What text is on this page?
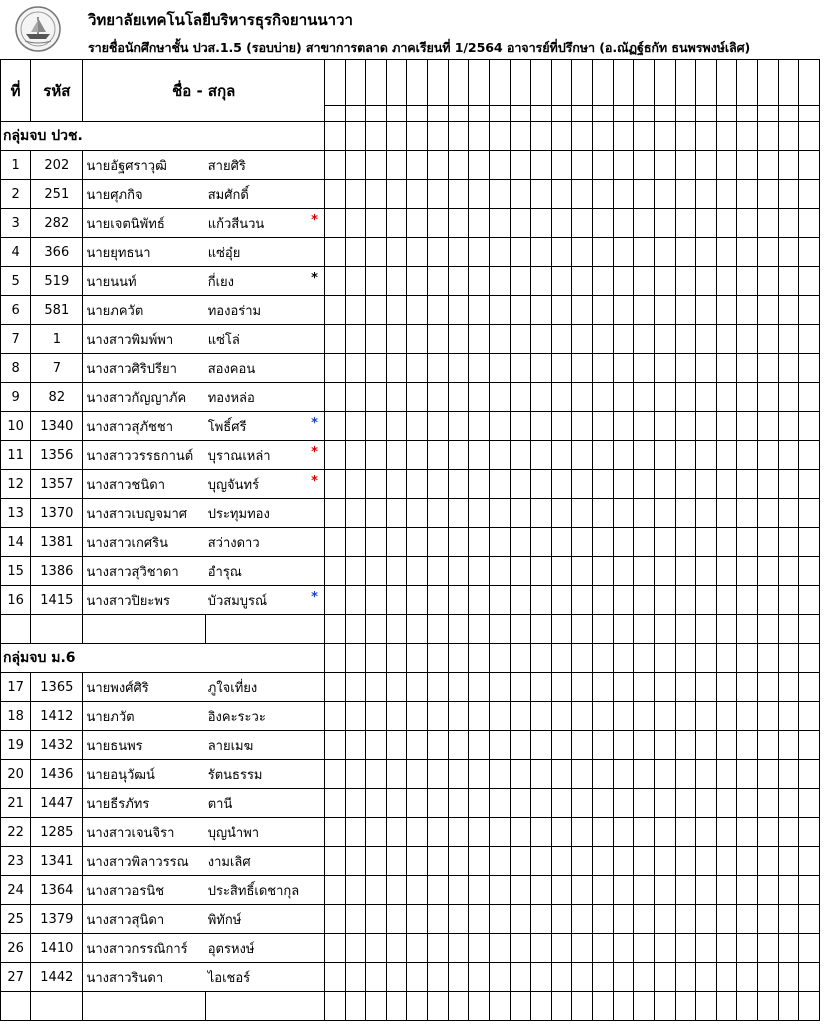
วิทยาลัยเทคโนโลยีบริหารธุรกิจยานนาวา
รายชื่อนักศึกษาชั้น ปวส.1.5 (รอบบ่าย) สาขาการตลาด ภาคเรียนที่ 1/2564 อาจารย์ที่ปรึกษา (อ.ณัฏฐ์ธกัท ธนพรพงษ์เลิศ)
ที่	รหัส	ชื่อ - สกุล		

กลุ่มจบ ปวช.																											
1	202	นายอัฐศราวุฒิ	สายศิริ																								
2	251	นายศุภกิจ	สมศักดิ์																								
3	282	นายเจตนิพัทธ์	แก้วสีนวน *																								

4	366	นายยุทธนา	แซ่อุ๋ย																								
5	519	นายนนท์	กี่เยง *																								

6	581	นายภควัต	ทองอร่าม																								
7	1	นางสาวพิมพ์พา	แซ่โล่																								
8	7	นางสาวศิริปรียา	สองคอน																								
9	82	นางสาวกัญญาภัค	ทองหล่อ																								
10	1340	นางสาวสุภัชชา	โพธิ์ศรี *																								

11	1356	นางสาววรรธกานต์	บุราณเหล่า *																								

12	1357	นางสาวชนิดา	บุญจันทร์ *																								

13	1370	นางสาวเบญจมาศ	ประทุมทอง																								
14	1381	นางสาวเกศริน	สว่างดาว																								
15	1386	นางสาวสุวิชาดา	อำรุณ																								
16	1415	นางสาวปิยะพร	บัวสมบูรณ์ *																								

กลุ่มจบ ม.6																											
17	1365	นายพงศ์ศิริ	ภูใจเที่ยง																								
18	1412	นายภวัต	อิงคะระวะ																								
19	1432	นายธนพร	ลายเมฆ																								
20	1436	นายอนุวัฒน์	รัตนธรรม																								
21	1447	นายธีรภัทร	ตานี																								
22	1285	นางสาวเจนจิรา	บุญนำพา																								
23	1341	นางสาวพิลาวรรณ	งามเลิศ																								
24	1364	นางสาวอรนิช	ประสิทธิ์เดชากุล																								
25	1379	นางสาวสุนิดา	พิทักษ์																								
26	1410	นางสาวกรรณิการ์	อุตรหงษ์																								
27	1442	นางสาวรินดา	ไอเชอร์																								
